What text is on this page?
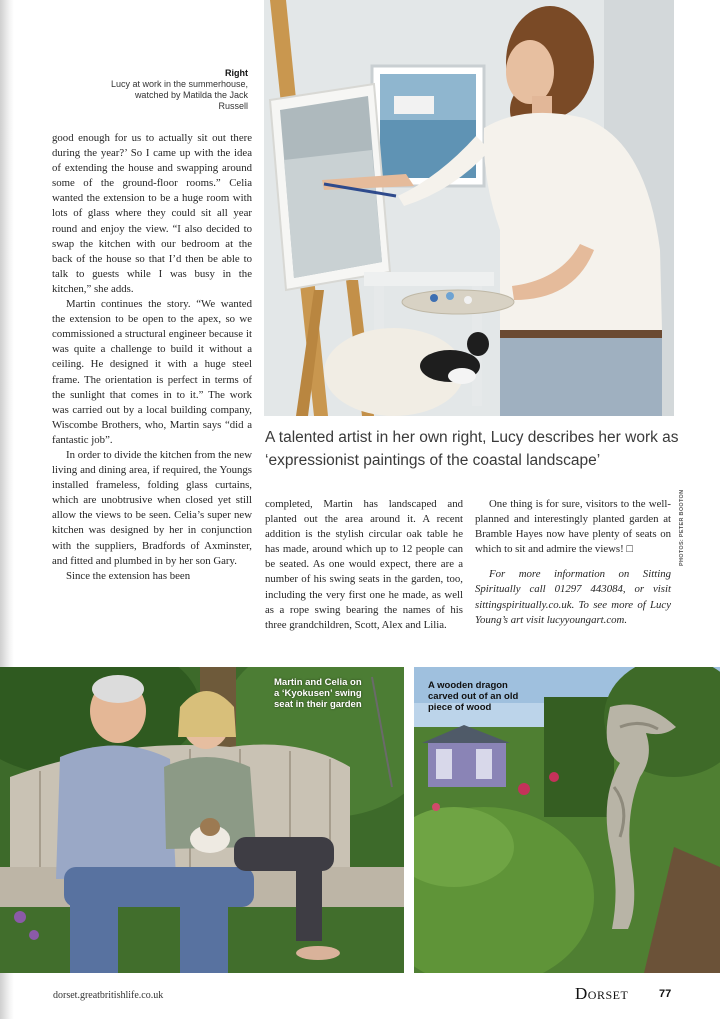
Right
Lucy at work in the summerhouse, watched by Matilda the Jack Russell
A talented artist in her own right, Lucy describes her work as ‘expressionist paintings of the coastal landscape’

good enough for us to actually sit out there during the year?’ So I came up with the idea of extending the house and swapping around some of the ground-floor rooms.” Celia wanted the extension to be a huge room with lots of glass where they could sit all year round and enjoy the view. “I also decided to swap the kitchen with our bedroom at the back of the house so that I’d then be able to talk to guests while I was busy in the kitchen,” she adds.

Martin continues the story. “We wanted the extension to be open to the apex, so we commissioned a structural engineer because it was quite a challenge to build it without a ceiling. He designed it with a huge steel frame. The orientation is perfect in terms of the sunlight that comes in to it.” The work was carried out by a local building company, Wiscombe Brothers, who, Martin says “did a fantastic job”.

In order to divide the kitchen from the new living and dining area, if required, the Youngs installed frameless, folding glass curtains, which are unobtrusive when closed yet still allow the views to be seen. Celia’s super new kitchen was designed by her in conjunction with the suppliers, Bradfords of Axminster, and fitted and plumbed in by her son Gary.

Since the extension has been

completed, Martin has landscaped and planted out the area around it. A recent addition is the stylish circular oak table he has made, around which up to 12 people can be seated. As one would expect, there are a number of his swing seats in the garden, too, including the very first one he made, as well as a rope swing bearing the names of his three grandchildren, Scott, Alex and Lilia.

One thing is for sure, visitors to the well-planned and interestingly planted garden at Bramble Hayes now have plenty of seats on which to sit and admire the views! □

For more information on Sitting Spiritually call 01297 443084, or visit sittingspiritually.co.uk. To see more of Lucy Young’s art visit lucyyoungart.com.

PHOTOS: PETER BOOTON
Martin and Celia on a ‘Kyokusen’ swing seat in their garden
A wooden dragon carved out of an old piece of wood
dorset.greatbritishlife.co.uk	Dorset	77
